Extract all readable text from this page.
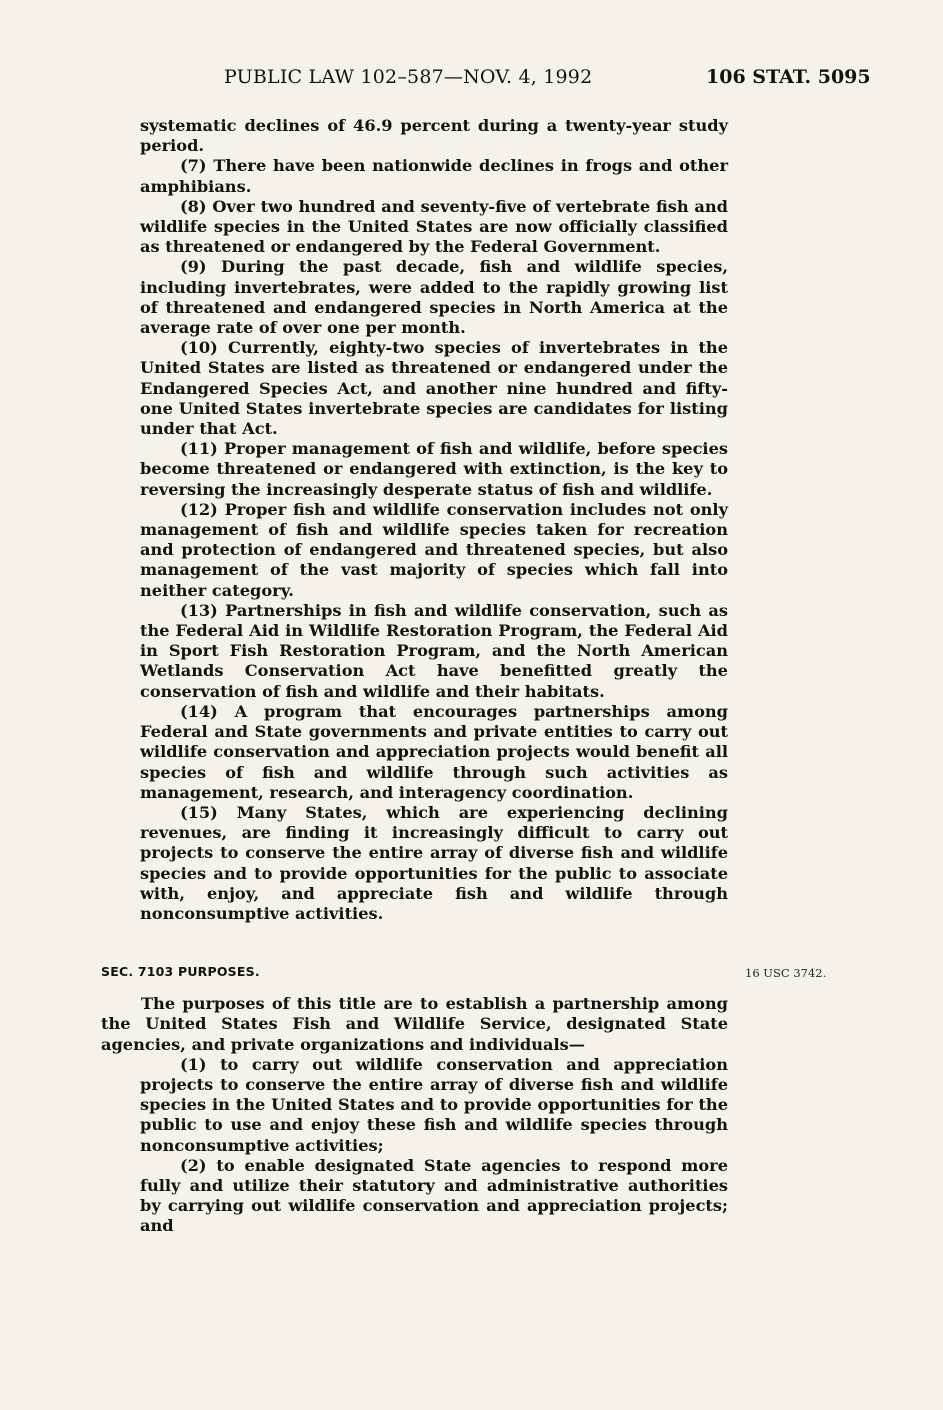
PUBLIC LAW 102–587—NOV. 4, 1992	106 STAT. 5095

systematic declines of 46.9 percent during a twenty-year study period.

(7) There have been nationwide declines in frogs and other amphibians.

(8) Over two hundred and seventy-five of vertebrate fish and wildlife species in the United States are now officially classified as threatened or endangered by the Federal Government.

(9) During the past decade, fish and wildlife species, including invertebrates, were added to the rapidly growing list of threatened and endangered species in North America at the average rate of over one per month.

(10) Currently, eighty-two species of invertebrates in the United States are listed as threatened or endangered under the Endangered Species Act, and another nine hundred and fifty-one United States invertebrate species are candidates for listing under that Act.

(11) Proper management of fish and wildlife, before species become threatened or endangered with extinction, is the key to reversing the increasingly desperate status of fish and wildlife.

(12) Proper fish and wildlife conservation includes not only management of fish and wildlife species taken for recreation and protection of endangered and threatened species, but also management of the vast majority of species which fall into neither category.

(13) Partnerships in fish and wildlife conservation, such as the Federal Aid in Wildlife Restoration Program, the Federal Aid in Sport Fish Restoration Program, and the North American Wetlands Conservation Act have benefitted greatly the conservation of fish and wildlife and their habitats.

(14) A program that encourages partnerships among Federal and State governments and private entities to carry out wildlife conservation and appreciation projects would benefit all species of fish and wildlife through such activities as management, research, and interagency coordination.

(15) Many States, which are experiencing declining revenues, are finding it increasingly difficult to carry out projects to conserve the entire array of diverse fish and wildlife species and to provide opportunities for the public to associate with, enjoy, and appreciate fish and wildlife through nonconsumptive activities.

SEC. 7103 PURPOSES.

The purposes of this title are to establish a partnership among the United States Fish and Wildlife Service, designated State agencies, and private organizations and individuals—

(1) to carry out wildlife conservation and appreciation projects to conserve the entire array of diverse fish and wildlife species in the United States and to provide opportunities for the public to use and enjoy these fish and wildlife species through nonconsumptive activities;

(2) to enable designated State agencies to respond more fully and utilize their statutory and administrative authorities by carrying out wildlife conservation and appreciation projects; and

16 USC 3742.
